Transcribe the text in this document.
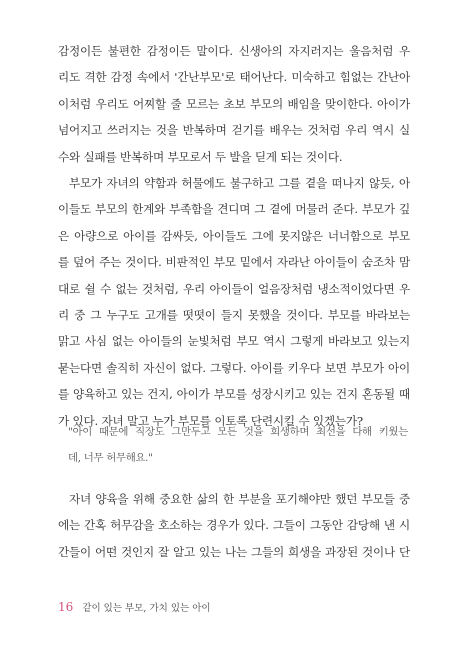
감정이든 불편한 감정이든 말이다. 신생아의 자지러지는 울음처럼 우
리도 격한 감정 속에서 '간난부모'로 태어난다. 미숙하고 힘없는 간난아
이처럼 우리도 어찌할 줄 모르는 초보 부모의 배임을 맞이한다. 아이가
넘어지고 쓰러지는 것을 반복하며 걷기를 배우는 것처럼 우리 역시 실
수와 실패를 반복하며 부모로서 두 발을 딛게 되는 것이다.
부모가 자녀의 약함과 허물에도 불구하고 그를 곁을 떠나지 않듯, 아
이들도 부모의 한계와 부족함을 견디며 그 곁에 머물러 준다. 부모가 깊
은 아량으로 아이를 감싸듯, 아이들도 그에 못지않은 너너함으로 부모
를 덮어 주는 것이다. 비판적인 부모 밑에서 자라난 아이들이 숨조차 맘
대로 쉴 수 없는 것처럼, 우리 아이들이 얼음장처럼 냉소적이었다면 우
리 중 그 누구도 고개를 떳떳이 들지 못했을 것이다. 부모를 바라보는
맑고 사심 없는 아이들의 눈빛처럼 부모 역시 그렇게 바라보고 있는지
묻는다면 솔직히 자신이 없다. 그렇다. 아이를 키우다 보면 부모가 아이
를 양육하고 있는 건지, 아이가 부모를 성장시키고 있는 건지 혼동될 때
가 있다. 자녀 말고 누가 부모를 이토록 단련시킬 수 있겠는가?
"아이 때문에 직장도 그만두고 모든 것을 희생하며 최선을 다해 키웠는
데, 너무 허무해요."
자녀 양육을 위해 중요한 삶의 한 부분을 포기해야만 했던 부모들 중
에는 간혹 허무감을 호소하는 경우가 있다. 그들이 그동안 감당해 낸 시
간들이 어떤 것인지 잘 알고 있는 나는 그들의 희생을 과장된 것이나 단
16 같이 있는 부모, 가치 있는 아이
